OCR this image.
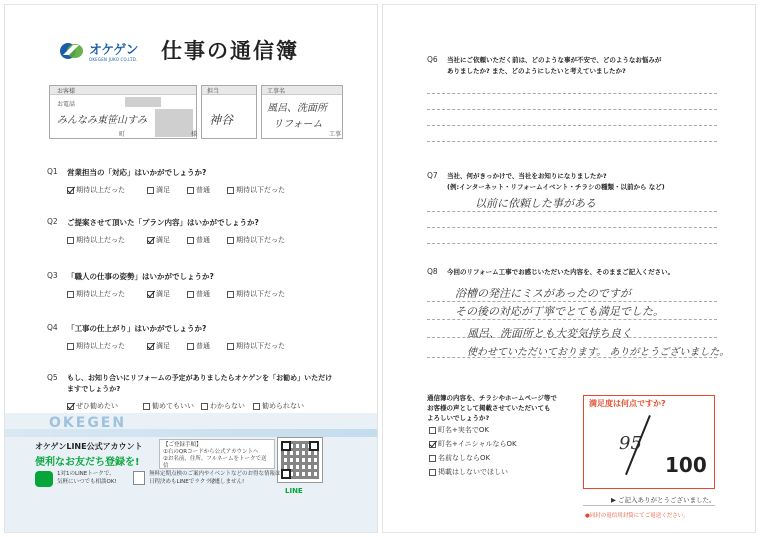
オケゲン
OKEGEN JUKO CO.LTD. 仕事の通信簿
お客様
お電話
みんなみ東笹山すみ
町	様
担当
神谷
工事名
風呂、洗面所
リフォーム
工事
Q1 営業担当の「対応」はいかがでしょうか?
期待以上だった	満足	普通	期待以下だった
Q2 ご提案させて頂いた「プラン内容」はいかがでしょうか?
期待以上だった	満足	普通	期待以下だった
Q3 「職人の仕事の姿勢」はいかがでしょうか?
期待以上だった	満足	普通	期待以下だった
Q4 「工事の仕上がり」はいかがでしょうか?
期待以上だった	満足	普通	期待以下だった
Q5 もし、お知り合いにリフォームの予定がありましたらオケゲンを「お勧め」いただけ
ますでしょうか?
ぜひ勧めたい	勧めてもいい わからない 勧められない
OKEGEN
オケゲンLINE公式アカウント
便利なお友だち登録を!
【ご登録手順】
①右のQRコードから公式アカウントへ
②お名前、住所、フルネームをトークで送信
LINE
1対1のLINEトークで、
気軽にいつでも相談OK!
無料定期点検のご案内や
日程決めもLINEでラクラク!
イベントなどのお得な情報は
見逃しません!
Q6 当社にご依頼いただく前は、どのような事が不安で、どのようなお悩みが
ありましたか? また、どのようにしたいと考えていましたか?
Q7 当社、何がきっかけで、当社をお知りになりましたか?
(例:インターネット・リフォームイベント・チラシの種類・以前から など)
以前に依頼した事がある
Q8 今回のリフォーム工事でお感じいただいた内容を、そのままご記入ください。
浴槽の発注にミスがあったのですが
その後の対応が丁寧でとても満足でした。
風呂、洗面所とも大変気持ち良く
使わせていただいております。 ありがとうございました。
通信簿の内容を、チラシやホームページ等で
お客様の声として掲載させていただいても
よろしいでしょうか?
町名+実名でOK
町名+イニシャルならOK
名前なしならOK
掲載はしないでほしい
満足度は何点ですか?
95
100
▶ ご記入ありがとうございました。
●同封の返信用封筒にてご返送ください。
